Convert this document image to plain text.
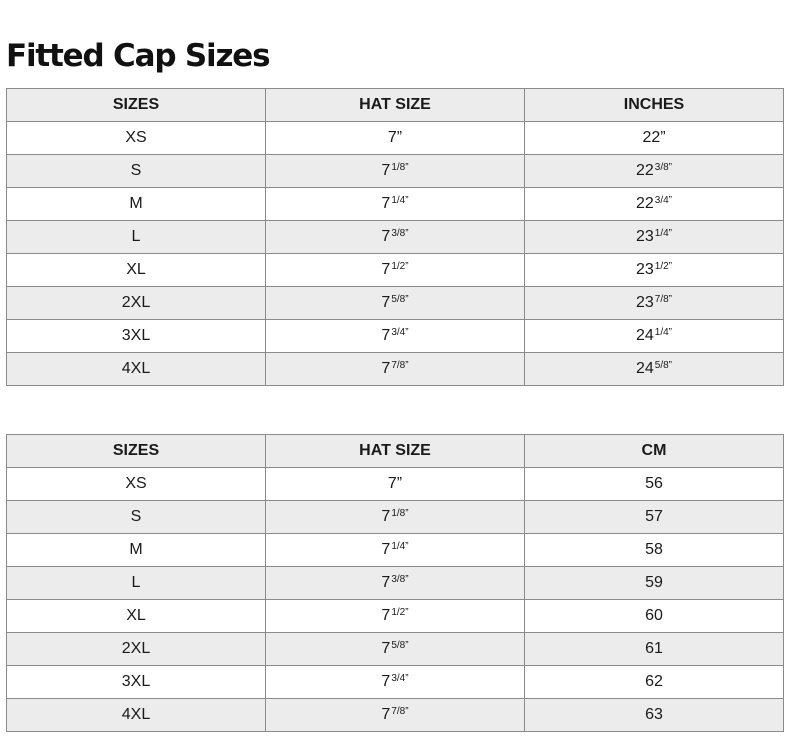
Fitted Cap Sizes
SIZES	HAT SIZE	INCHES
XS	7”	22”
S	$7^{1/8”}$	$22^{3/8”}$
M	$7^{1/4”}$	$22^{3/4”}$
L	$7^{3/8”}$	$23^{1/4”}$
XL	$7^{1/2”}$	$23^{1/2”}$
2XL	$7^{5/8”}$	$23^{7/8”}$
3XL	$7^{3/4”}$	$24^{1/4”}$
4XL	$7^{7/8”}$	$24^{5/8”}$
SIZES	HAT SIZE	CM
XS	7”	56
S	$7^{1/8”}$	57
M	$7^{1/4”}$	58
L	$7^{3/8”}$	59
XL	$7^{1/2”}$	60
2XL	$7^{5/8”}$	61
3XL	$7^{3/4”}$	62
4XL	$7^{7/8”}$	63
